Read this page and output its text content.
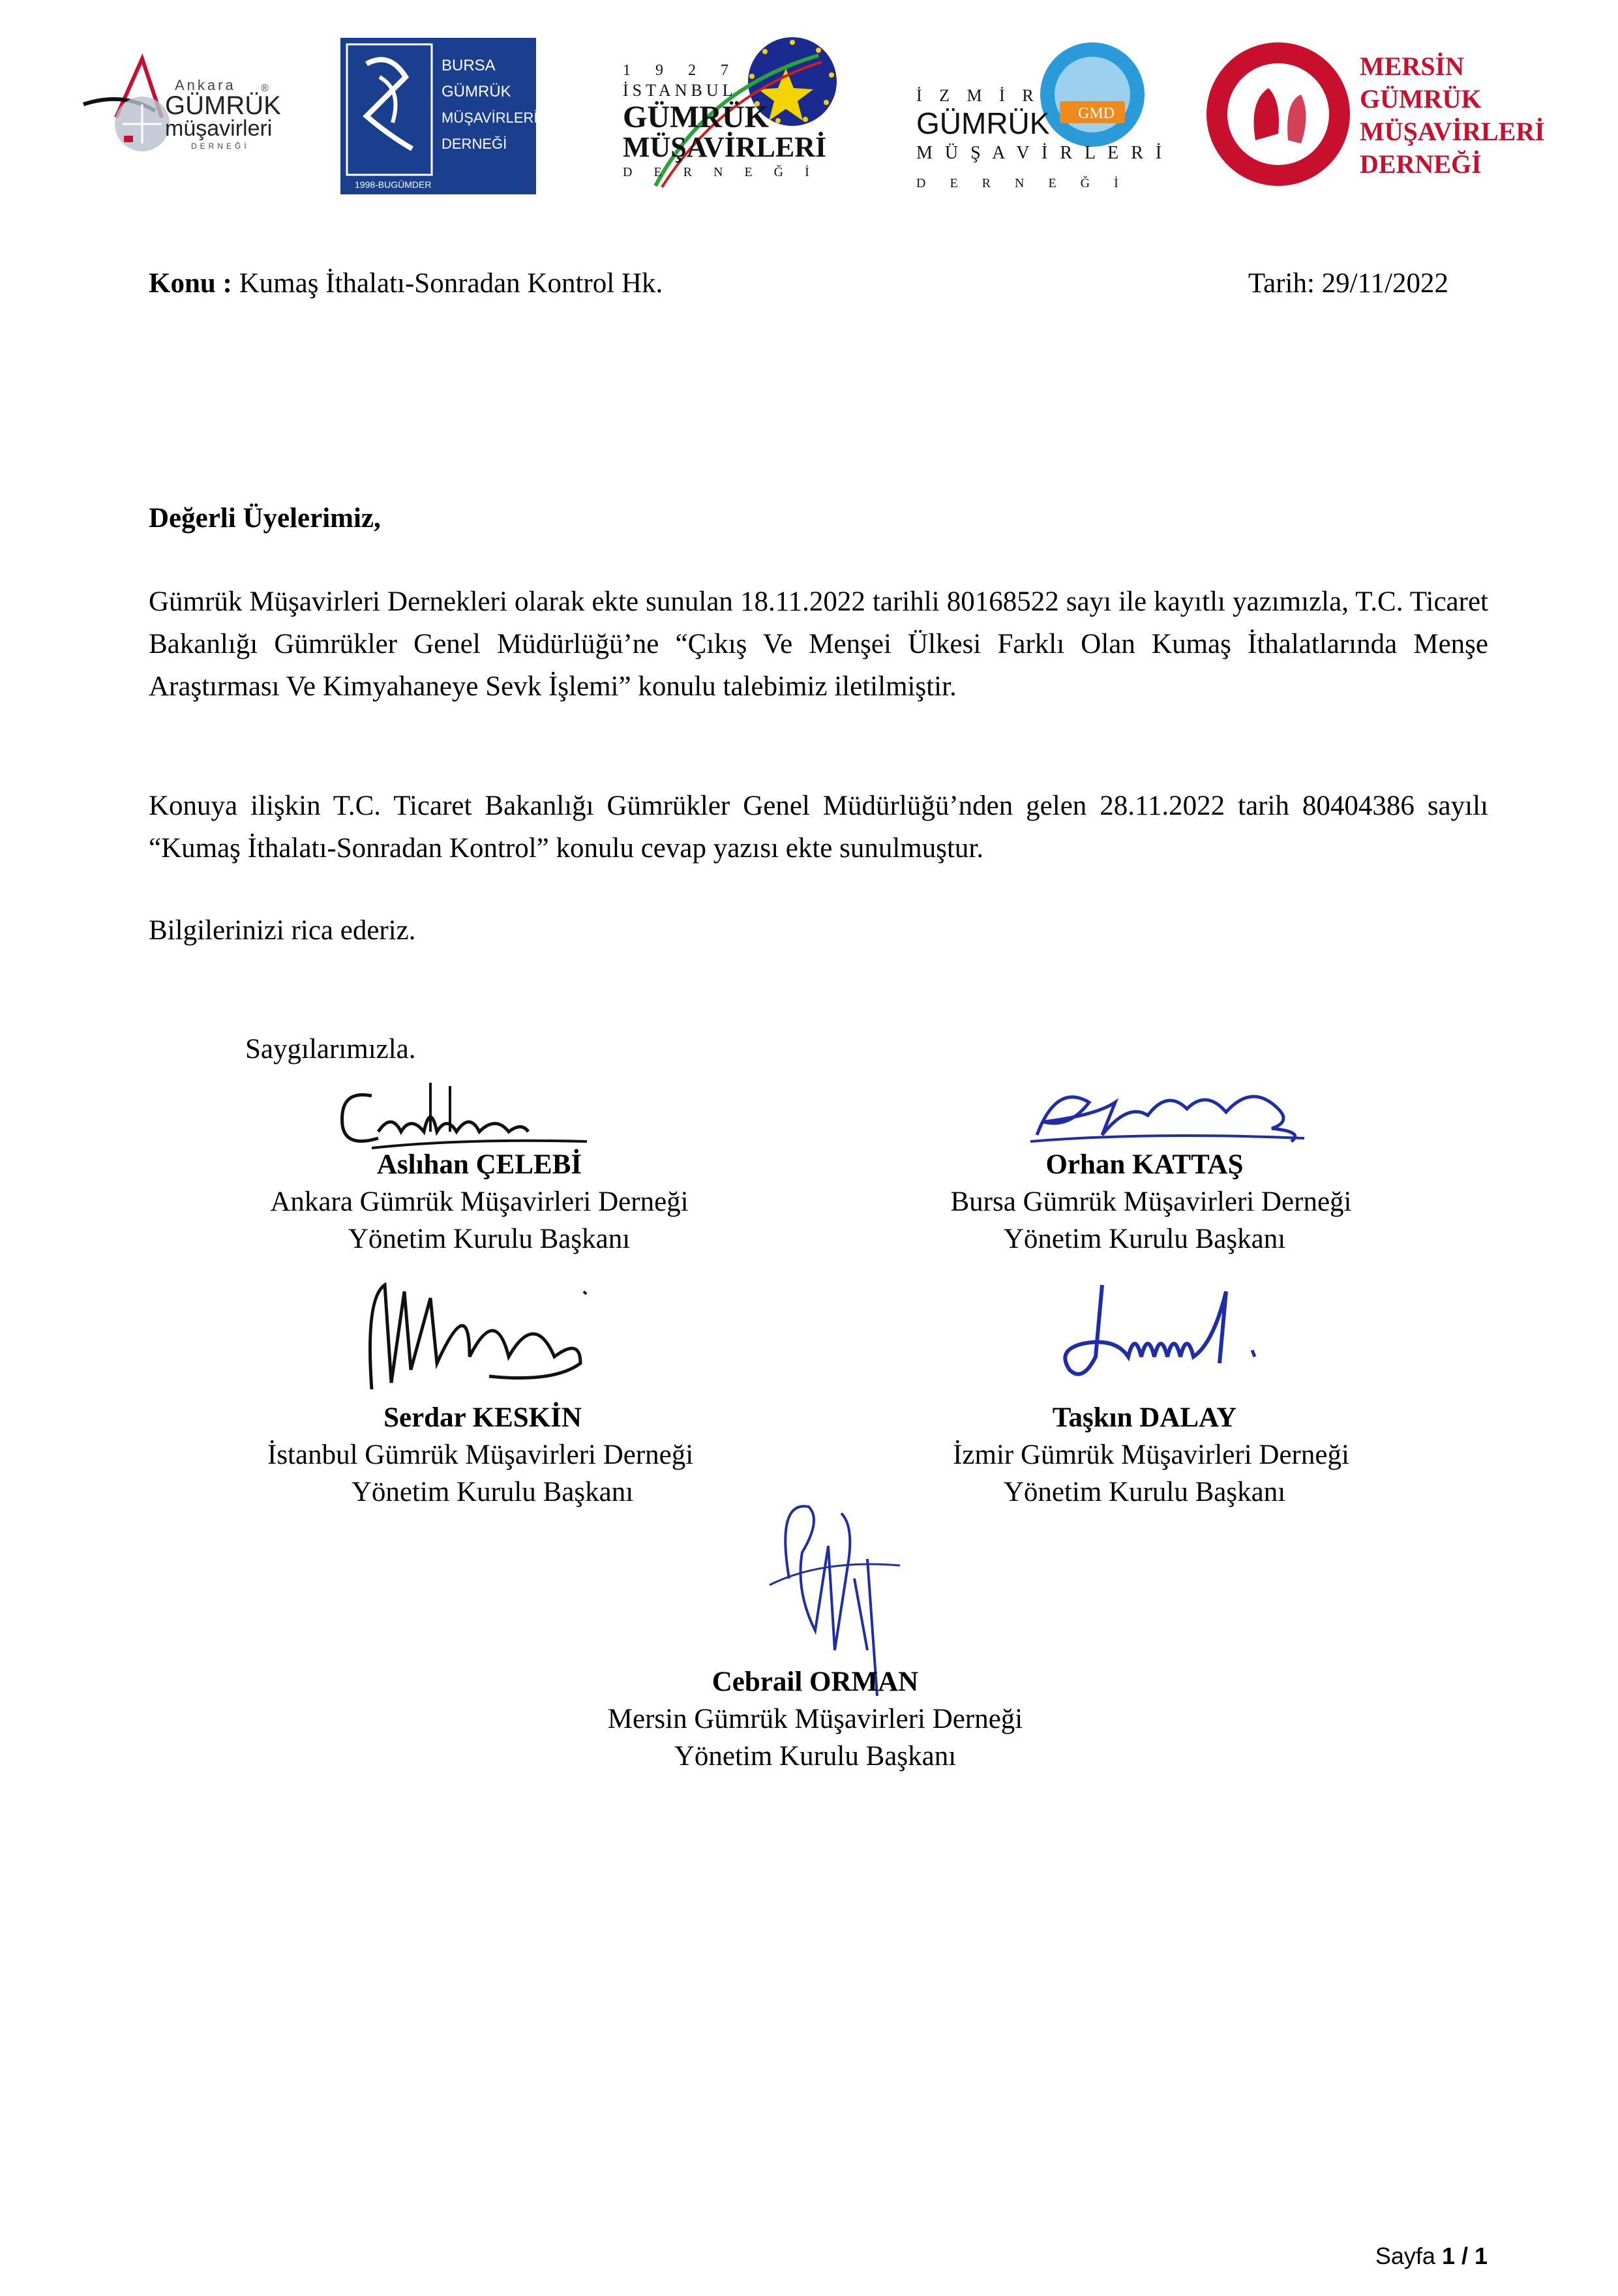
Ankara
GÜMRÜK
müşavirleri
DERNEĞİ
®
BURSA
GÜMRÜK
MÜŞAVİRLERİ
DERNEĞİ
1998-BUGÜMDER
1 9 2 7
İSTANBUL
GÜMRÜK
MÜŞAVİRLERİ
D E R N E Ğ İ
GMD
İ Z M İ R
GÜMRÜK
M Ü Ş A V İ R L E R İ
D E R N E Ğ İ
MERSİN
GÜMRÜK
MÜŞAVİRLERİ
DERNEĞİ
Konu : Kumaş İthalatı-Sonradan Kontrol Hk.	Tarih: 29/11/2022
Değerli Üyelerimiz,
Gümrük Müşavirleri Dernekleri olarak ekte sunulan 18.11.2022 tarihli 80168522 sayı ile kayıtlı yazımızla, T.C. Ticaret Bakanlığı Gümrükler Genel Müdürlüğü’ne “Çıkış Ve Menşei Ülkesi Farklı Olan Kumaş İthalatlarında Menşe Araştırması Ve Kimyahaneye Sevk İşlemi” konulu talebimiz iletilmiştir.
Konuya ilişkin T.C. Ticaret Bakanlığı Gümrükler Genel Müdürlüğü’nden gelen 28.11.2022 tarih 80404386 sayılı “Kumaş İthalatı-Sonradan Kontrol” konulu cevap yazısı ekte sunulmuştur.
Bilgilerinizi rica ederiz.
Saygılarımızla.
Aslıhan ÇELEBİ
Ankara Gümrük Müşavirleri Derneği
Yönetim Kurulu Başkanı
Orhan KATTAŞ
Bursa Gümrük Müşavirleri Derneği
Yönetim Kurulu Başkanı
Serdar KESKİN
İstanbul Gümrük Müşavirleri Derneği
Yönetim Kurulu Başkanı
Taşkın DALAY
İzmir Gümrük Müşavirleri Derneği
Yönetim Kurulu Başkanı
Cebrail ORMAN
Mersin Gümrük Müşavirleri Derneği
Yönetim Kurulu Başkanı
Sayfa 1 / 1
